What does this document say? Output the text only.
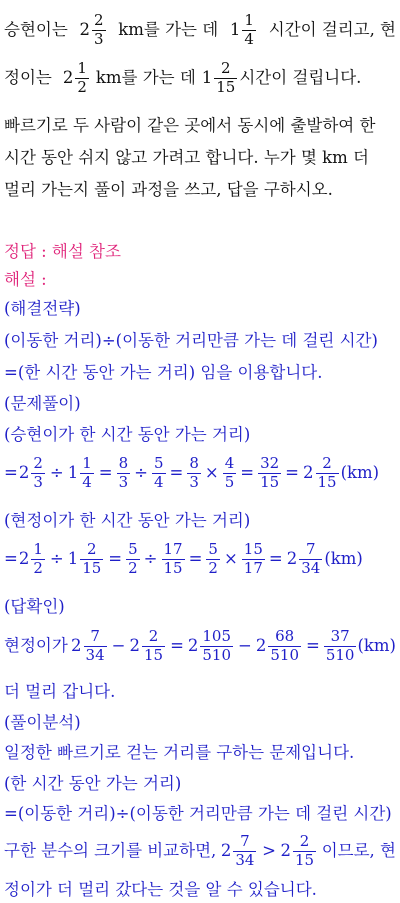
승현이는 $2 \frac{2}{3}$ km를 가는 데 $1 \frac{1}{4}$ 시간이 걸리고, 현
정이는 $2 \frac{1}{2}$ km를 가는 데 $1 \frac{2}{15}$ 시간이 걸립니다.
빠르기로 두 사람이 같은 곳에서 동시에 출발하여 한
시간 동안 쉬지 않고 가려고 합니다. 누가 몇 km 더
멀리 가는지 풀이 과정을 쓰고, 답을 구하시오.
정답 : 해설 참조
해설 :
(해결전략)
(이동한 거리)÷(이동한 거리만큼 가는 데 걸린 시간)
=(한 시간 동안 가는 거리) 임을 이용합니다.
(문제풀이)
(승현이가 한 시간 동안 가는 거리)
= $2 \frac{2}{3} \div 1 \frac{1}{4} = \frac{8}{3} \div \frac{5}{4} = \frac{8}{3} \times \frac{4}{5} = \frac{32}{15} = 2 \frac{2}{15} (km)$
(현정이가 한 시간 동안 가는 거리)
= $2 \frac{1}{2} \div 1 \frac{2}{15} = \frac{5}{2} \div \frac{17}{15} = \frac{5}{2} \times \frac{15}{17} = 2 \frac{7}{34} (km)$
(답확인)
현정이가 $2 \frac{7}{34} - 2 \frac{2}{15} = 2 \frac{105}{510} - 2 \frac{68}{510} = \frac{37}{510} (km)$
더 멀리 갑니다.
(풀이분석)
일정한 빠르기로 걷는 거리를 구하는 문제입니다.
(한 시간 동안 가는 거리)
=(이동한 거리)÷(이동한 거리만큼 가는 데 걸린 시간)
구한 분수의 크기를 비교하면, $2 \frac{7}{34} > 2 \frac{2}{15}$ 이므로, 현
정이가 더 멀리 갔다는 것을 알 수 있습니다.
